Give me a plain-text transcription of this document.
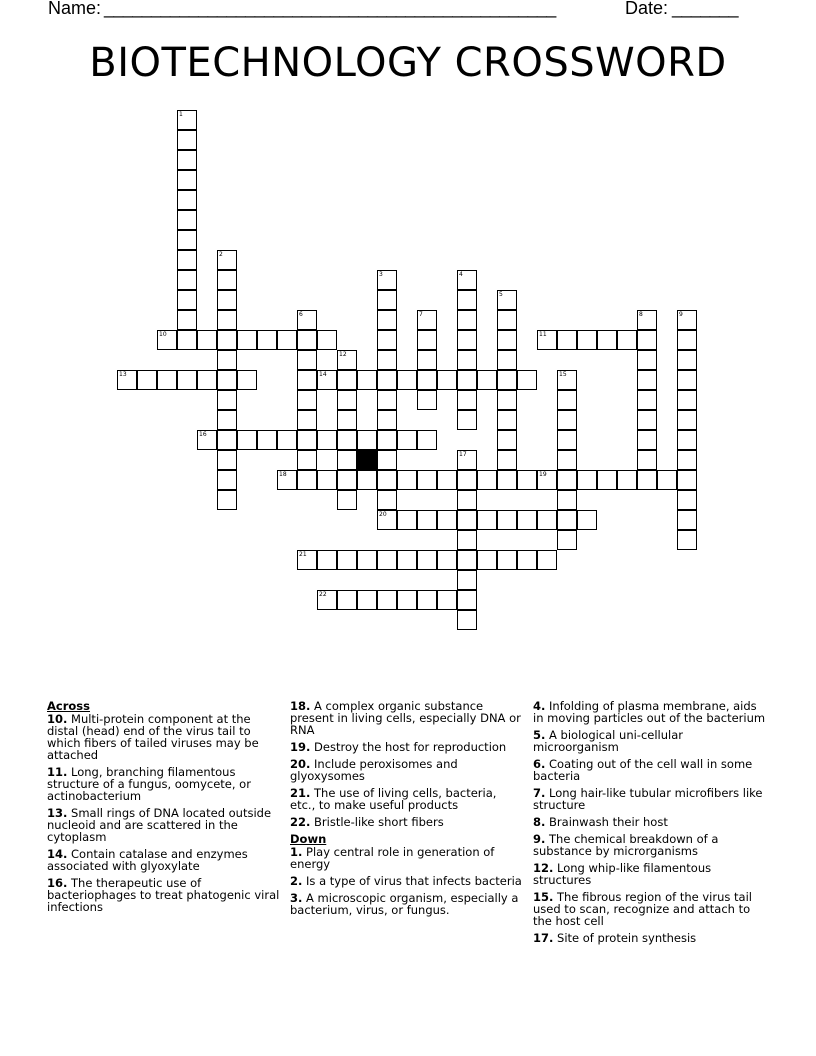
Name: ________________________________________________	Date: _______
BIOTECHNOLOGY CROSSWORD
1
2
3	4
5
6	7	8	9
10	11
12
13	14	15
16
17
18	19
20
21
22
Across
10. Multi-protein component at the distal (head) end of the virus tail to which fibers of tailed viruses may be attached
11. Long, branching filamentous structure of a fungus, oomycete, or actinobacterium
13. Small rings of DNA located outside nucleoid and are scattered in the cytoplasm
14. Contain catalase and enzymes associated with glyoxylate
16. The therapeutic use of bacteriophages to treat phatogenic viral infections
18. A complex organic substance present in living cells, especially DNA or RNA
19. Destroy the host for reproduction
20. Include peroxisomes and glyoxysomes
21. The use of living cells, bacteria, etc., to make useful products
22. Bristle-like short fibers
Down
1. Play central role in generation of energy
2. Is a type of virus that infects bacteria
3. A microscopic organism, especially a bacterium, virus, or fungus.
4. Infolding of plasma membrane, aids in moving particles out of the bacterium
5. A biological uni-cellular microorganism
6. Coating out of the cell wall in some bacteria
7. Long hair-like tubular microfibers like structure
8. Brainwash their host
9. The chemical breakdown of a substance by microrganisms
12. Long whip-like filamentous structures
15. The fibrous region of the virus tail used to scan, recognize and attach to the host cell
17. Site of protein synthesis
